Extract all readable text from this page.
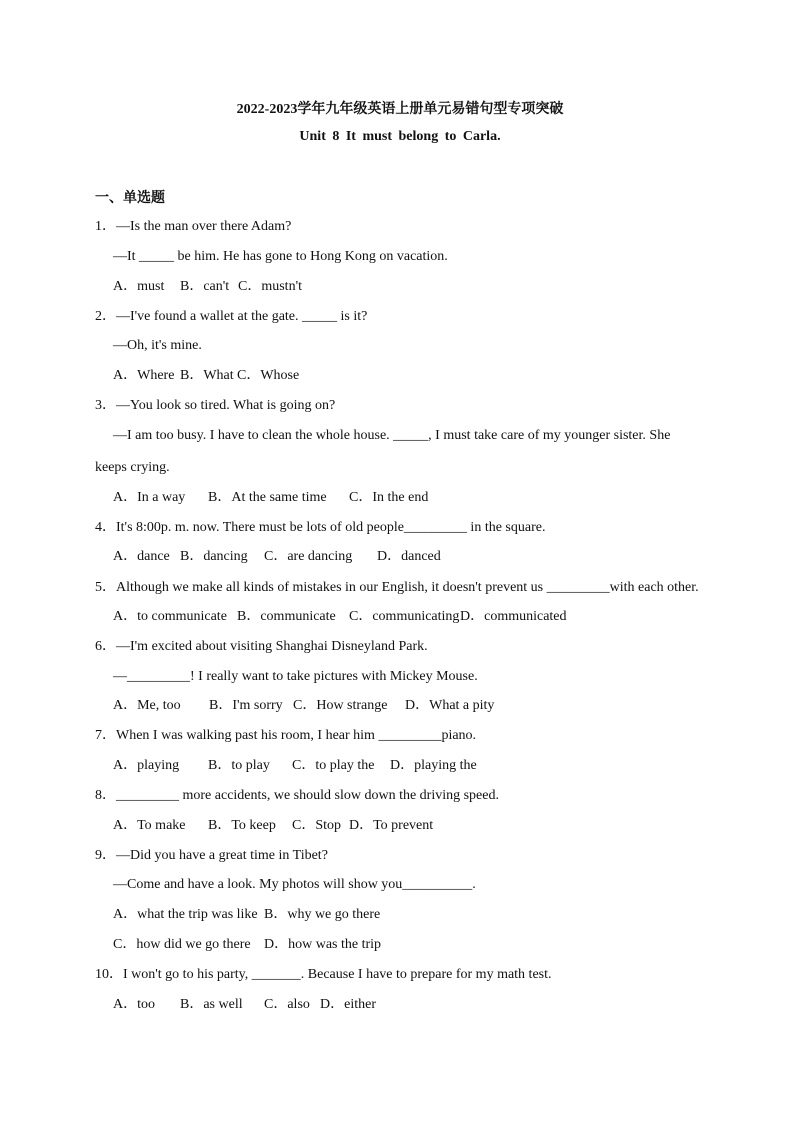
2022-2023学年九年级英语上册单元易错句型专项突破
Unit 8 It must belong to Carla.
一、单选题
1．—Is the man over there Adam?
—It _____ be him. He has gone to Hong Kong on vacation.
A．must B．can't C．mustn't
2．—I've found a wallet at the gate. _____ is it?
—Oh, it's mine.
A．Where B．What C．Whose
3．—You look so tired. What is going on?
—I am too busy. I have to clean the whole house. _____, I must take care of my younger sister. She
keeps crying.
A．In a way B．At the same time C．In the end
4．It's 8:00p. m. now. There must be lots of old people_________ in the square.
A．dance B．dancing C．are dancing D．danced
5．Although we make all kinds of mistakes in our English, it doesn't prevent us _________with each other.
A．to communicate B．communicate C．communicating D．communicated
6．—I'm excited about visiting Shanghai Disneyland Park.
—_________! I really want to take pictures with Mickey Mouse.
A．Me, too B．I'm sorry C．How strange D．What a pity
7．When I was walking past his room, I hear him _________piano.
A．playing B．to play C．to play the D．playing the
8．_________ more accidents, we should slow down the driving speed.
A．To make B．To keep C．Stop D．To prevent
9．—Did you have a great time in Tibet?
—Come and have a look. My photos will show you__________.
A．what the trip was like B．why we go there
C．how did we go there D．how was the trip
10．I won't go to his party, _______. Because I have to prepare for my math test.
A．too B．as well C．also D．either
